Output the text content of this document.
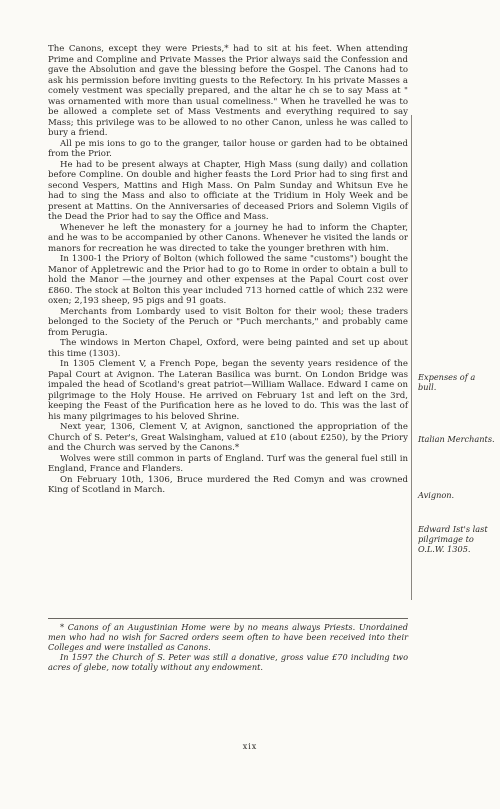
The Canons, except they were Priests,* had to sit at his feet. When attending Prime and Compline and Private Masses the Prior always said the Confession and gave the Absolution and gave the blessing before the Gospel. The Canons had to ask his permission before inviting guests to the Refectory. In his private Masses a comely vestment was specially prepared, and the altar he ch se to say Mass at " was ornamented with more than usual comeliness." When he travelled he was to be allowed a complete set of Mass Vestments and everything required to say Mass; this privilege was to be allowed to no other Canon, unless he was called to bury a friend.

All pe mis ions to go to the granger, tailor house or garden had to be obtained from the Prior.

He had to be present always at Chapter, High Mass (sung daily) and collation before Compline. On double and higher feasts the Lord Prior had to sing first and second Vespers, Mattins and High Mass. On Palm Sunday and Whitsun Eve he had to sing the Mass and also to officiate at the Tridium in Holy Week and be present at Mattins. On the Anniversaries of deceased Priors and Solemn Vigils of the Dead the Prior had to say the Office and Mass.

Whenever he left the monastery for a journey he had to inform the Chapter, and he was to be accompanied by other Canons. Whenever he visited the lands or manors for recreation he was directed to take the younger brethren with him.

In 1300-1 the Priory of Bolton (which followed the same "customs") bought the Manor of Appletrewic and the Prior had to go to Rome in order to obtain a bull to hold the Manor —the journey and other expenses at the Papal Court cost over £860. The stock at Bolton this year included 713 horned cattle of which 232 were oxen; 2,193 sheep, 95 pigs and 91 goats.

Merchants from Lombardy used to visit Bolton for their wool; these traders belonged to the Society of the Peruch or "Puch merchants," and probably came from Perugia.

The windows in Merton Chapel, Oxford, were being painted and set up about this time (1303).

In 1305 Clement V, a French Pope, began the seventy years residence of the Papal Court at Avignon. The Lateran Basilica was burnt. On London Bridge was impaled the head of Scotland's great patriot—William Wallace. Edward I came on pilgrimage to the Holy House. He arrived on February 1st and left on the 3rd, keeping the Feast of the Purification here as he loved to do. This was the last of his many pilgrimages to his beloved Shrine.

Next year, 1306, Clement V, at Avignon, sanctioned the appropriation of the Church of S. Peter's, Great Walsingham, valued at £10 (about £250), by the Priory and the Church was served by the Canons.*

Wolves were still common in parts of England. Turf was the general fuel still in England, France and Flanders.

On February 10th, 1306, Bruce murdered the Red Comyn and was crowned King of Scotland in March.

Expenses of a bull.
Italian Merchants.
Avignon.
Edward Ist's last pilgrimage to O.L.W. 1305.

* Canons of an Augustinian Home were by no means always Priests. Unordained men who had no wish for Sacred orders seem often to have been received into their Colleges and were installed as Canons.

In 1597 the Church of S. Peter was still a donative, gross value £70 including two acres of glebe, now totally without any endowment.

xix
